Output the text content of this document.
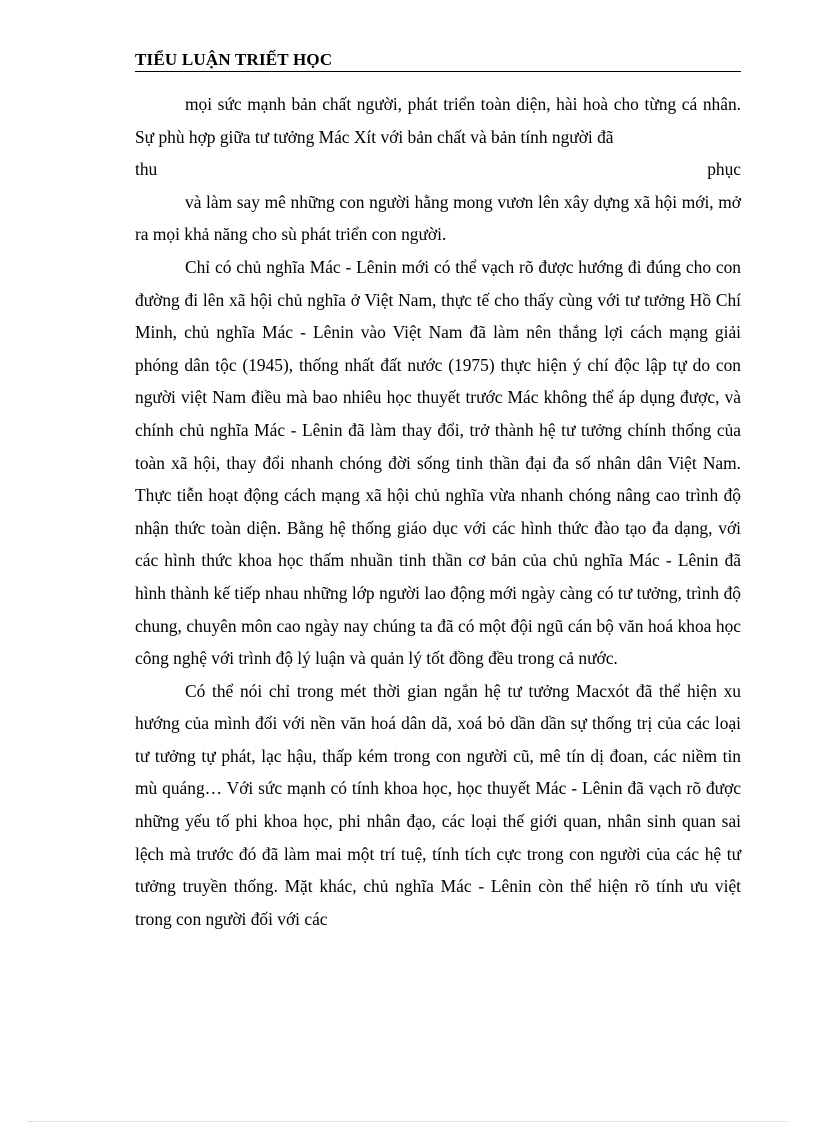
TIỂU LUẬN TRIẾT HỌC

mọi sức mạnh bản chất người, phát triển toàn diện, hài hoà cho từng cá nhân. Sự phù hợp giữa tư tưởng Mác Xít với bản chất và bản tính người đã

thu	phục

và làm say mê những con người hằng mong vươn lên xây dựng xã hội mới, mở ra mọi khả năng cho sù phát triển con người.

Chỉ có chủ nghĩa Mác - Lênin mới có thể vạch rõ được hướng đi đúng cho con đường đi lên xã hội chủ nghĩa ở Việt Nam, thực tế cho thấy cùng với tư tưởng Hồ Chí Minh, chủ nghĩa Mác - Lênin vào Việt Nam đã làm nên thắng lợi cách mạng giải phóng dân tộc (1945), thống nhất đất nước (1975) thực hiện ý chí độc lập tự do con người việt Nam điều mà bao nhiêu học thuyết trước Mác không thể áp dụng được, và chính chủ nghĩa Mác - Lênin đã làm thay đổi, trở thành hệ tư tưởng chính thống của toàn xã hội, thay đổi nhanh chóng đời sống tinh thần đại đa số nhân dân Việt Nam. Thực tiễn hoạt động cách mạng xã hội chủ nghĩa vừa nhanh chóng nâng cao trình độ nhận thức toàn diện. Bằng hệ thống giáo dục với các hình thức đào tạo đa dạng, với các hình thức khoa học thấm nhuần tinh thần cơ bản của chủ nghĩa Mác - Lênin đã hình thành kế tiếp nhau những lớp người lao động mới ngày càng có tư tưởng, trình độ chung, chuyên môn cao ngày nay chúng ta đã có một đội ngũ cán bộ văn hoá khoa học công nghệ với trình độ lý luận và quản lý tốt đồng đều trong cả nước.

Có thể nói chỉ trong mét thời gian ngắn hệ tư tưởng Macxót đã thể hiện xu hướng của mình đối với nền văn hoá dân dã, xoá bỏ dần dần sự thống trị của các loại tư tưởng tự phát, lạc hậu, thấp kém trong con người cũ, mê tín dị đoan, các niềm tin mù quáng… Với sức mạnh có tính khoa học, học thuyết Mác - Lênin đã vạch rõ được những yếu tố phi khoa học, phi nhân đạo, các loại thế giới quan, nhân sinh quan sai lệch mà trước đó đã làm mai một trí tuệ, tính tích cực trong con người của các hệ tư tưởng truyền thống. Mặt khác, chủ nghĩa Mác - Lênin còn thể hiện rõ tính ưu việt trong con người đối với các
